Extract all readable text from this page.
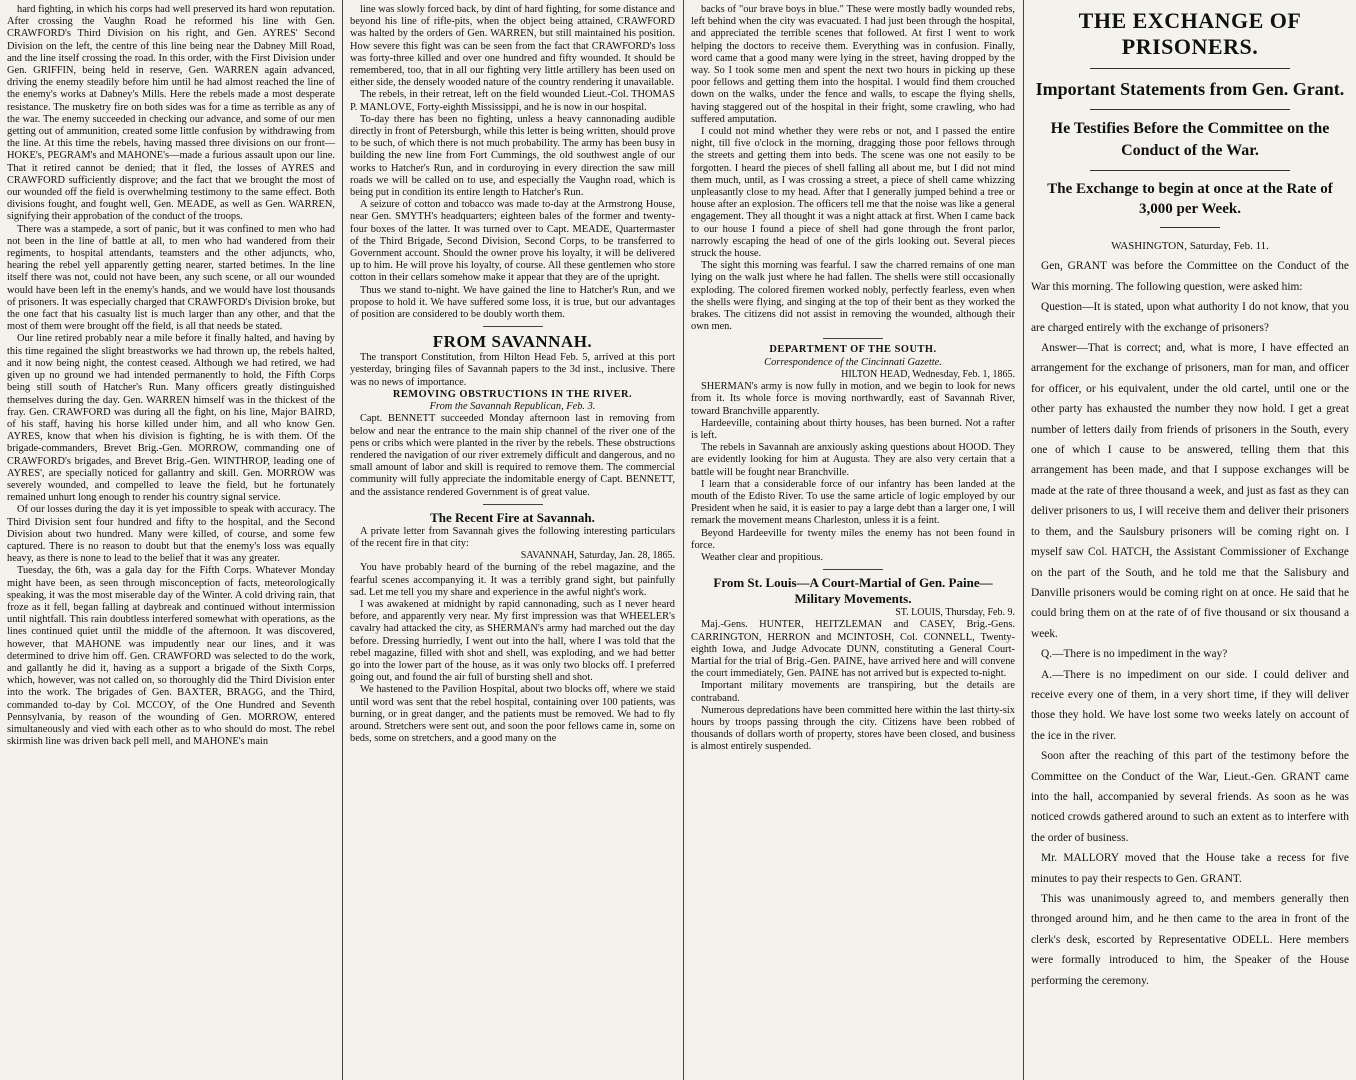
hard fighting, in which his corps had well preserved its hard won reputation. After crossing the Vaughn Road he reformed his line with Gen. CRAWFORD's Third Division on his right, and Gen. AYRES' Second Division on the left, the centre of this line being near the Dabney Mill Road, and the line itself crossing the road. In this order, with the First Division under Gen. GRIFFIN, being held in reserve, Gen. WARREN again advanced, driving the enemy steadily before him until he had almost reached the line of the enemy's works at Dabney's Mills. Here the rebels made a most desperate resistance. The musketry fire on both sides was for a time as terrible as any of the war. The enemy succeeded in checking our advance, and some of our men getting out of ammunition, created some little confusion by withdrawing from the line. At this time the rebels, having massed three divisions on our front—HOKE's, PEGRAM's and MAHONE's—made a furious assault upon our line. That it retired cannot be denied; that it fled, the losses of AYRES and CRAWFORD sufficiently disprove; and the fact that we brought the most of our wounded off the field is overwhelming testimony to the same effect. Both divisions fought, and fought well, Gen. MEADE, as well as Gen. WARREN, signifying their approbation of the conduct of the troops.

There was a stampede, a sort of panic, but it was confined to men who had not been in the line of battle at all, to men who had wandered from their regiments, to hospital attendants, teamsters and the other adjuncts, who, hearing the rebel yell apparently getting nearer, started betimes. In the line itself there was not, could not have been, any such scene, or all our wounded would have been left in the enemy's hands, and we would have lost thousands of prisoners. It was especially charged that CRAWFORD's Division broke, but the one fact that his casualty list is much larger than any other, and that the most of them were brought off the field, is all that needs be stated.

Our line retired probably near a mile before it finally halted, and having by this time regained the slight breastworks we had thrown up, the rebels halted, and it now being night, the contest ceased. Although we had retired, we had given up no ground we had intended permanently to hold, the Fifth Corps being still south of Hatcher's Run. Many officers greatly distinguished themselves during the day. Gen. WARREN himself was in the thickest of the fray. Gen. CRAWFORD was during all the fight, on his line, Major BAIRD, of his staff, having his horse killed under him, and all who know Gen. AYRES, know that when his division is fighting, he is with them. Of the brigade-commanders, Brevet Brig.-Gen. MORROW, commanding one of CRAWFORD's brigades, and Brevet Brig.-Gen. WINTHROP, leading one of AYRES', are specially noticed for gallantry and skill. Gen. MORROW was severely wounded, and compelled to leave the field, but he fortunately remained unhurt long enough to render his country signal service.

Of our losses during the day it is yet impossible to speak with accuracy. The Third Division sent four hundred and fifty to the hospital, and the Second Division about two hundred. Many were killed, of course, and some few captured. There is no reason to doubt but that the enemy's loss was equally heavy, as there is none to lead to the belief that it was any greater.

Tuesday, the 6th, was a gala day for the Fifth Corps. Whatever Monday might have been, as seen through misconception of facts, meteorologically speaking, it was the most miserable day of the Winter. A cold driving rain, that froze as it fell, began falling at daybreak and continued without intermission until nightfall. This rain doubtless interfered somewhat with operations, as the lines continued quiet until the middle of the afternoon. It was discovered, however, that MAHONE was impudently near our lines, and it was determined to drive him off. Gen. CRAWFORD was selected to do the work, and gallantly he did it, having as a support a brigade of the Sixth Corps, which, however, was not called on, so thoroughly did the Third Division enter into the work. The brigades of Gen. BAXTER, BRAGG, and the Third, commanded to-day by Col. MCCOY, of the One Hundred and Seventh Pennsylvania, by reason of the wounding of Gen. MORROW, entered simultaneously and vied with each other as to who should do most. The rebel skirmish line was driven back pell mell, and MAHONE's main

line was slowly forced back, by dint of hard fighting, for some distance and beyond his line of rifle-pits, when the object being attained, CRAWFORD was halted by the orders of Gen. WARREN, but still maintained his position. How severe this fight was can be seen from the fact that CRAWFORD's loss was forty-three killed and over one hundred and fifty wounded. It should be remembered, too, that in all our fighting very little artillery has been used on either side, the densely wooded nature of the country rendering it unavailable.

The rebels, in their retreat, left on the field wounded Lieut.-Col. THOMAS P. MANLOVE, Forty-eighth Mississippi, and he is now in our hospital.

To-day there has been no fighting, unless a heavy cannonading audible directly in front of Petersburgh, while this letter is being written, should prove to be such, of which there is not much probability. The army has been busy in building the new line from Fort Cummings, the old southwest angle of our works to Hatcher's Run, and in corduroying in every direction the saw mill roads we will be called on to use, and especially the Vaughn road, which is being put in condition its entire length to Hatcher's Run.

A seizure of cotton and tobacco was made to-day at the Armstrong House, near Gen. SMYTH's headquarters; eighteen bales of the former and twenty-four boxes of the latter. It was turned over to Capt. MEADE, Quartermaster of the Third Brigade, Second Division, Second Corps, to be transferred to Government account. Should the owner prove his loyalty, it will be delivered up to him. He will prove his loyalty, of course. All these gentlemen who store cotton in their cellars somehow make it appear that they are of the upright.

Thus we stand to-night. We have gained the line to Hatcher's Run, and we propose to hold it. We have suffered some loss, it is true, but our advantages of position are considered to be doubly worth them.

FROM SAVANNAH.

The transport Constitution, from Hilton Head Feb. 5, arrived at this port yesterday, bringing files of Savannah papers to the 3d inst., inclusive. There was no news of importance.

REMOVING OBSTRUCTIONS IN THE RIVER.

From the Savannah Republican, Feb. 3.

Capt. BENNETT succeeded Monday afternoon last in removing from below and near the entrance to the main ship channel of the river one of the pens or cribs which were planted in the river by the rebels. These obstructions rendered the navigation of our river extremely difficult and dangerous, and no small amount of labor and skill is required to remove them. The commercial community will fully appreciate the indomitable energy of Capt. BENNETT, and the assistance rendered Government is of great value.

The Recent Fire at Savannah.

A private letter from Savannah gives the following interesting particulars of the recent fire in that city:

SAVANNAH, Saturday, Jan. 28, 1865.

You have probably heard of the burning of the rebel magazine, and the fearful scenes accompanying it. It was a terribly grand sight, but painfully sad. Let me tell you my share and experience in the awful night's work.

I was awakened at midnight by rapid cannonading, such as I never heard before, and apparently very near. My first impression was that WHEELER's cavalry had attacked the city, as SHERMAN's army had marched out the day before. Dressing hurriedly, I went out into the hall, where I was told that the rebel magazine, filled with shot and shell, was exploding, and we had better go into the lower part of the house, as it was only two blocks off. I preferred going out, and found the air full of bursting shell and shot.

We hastened to the Pavilion Hospital, about two blocks off, where we staid until word was sent that the rebel hospital, containing over 100 patients, was burning, or in great danger, and the patients must be removed. We had to fly around. Stretchers were sent out, and soon the poor fellows came in, some on beds, some on stretchers, and a good many on the

backs of "our brave boys in blue." These were mostly badly wounded rebs, left behind when the city was evacuated. I had just been through the hospital, and appreciated the terrible scenes that followed. At first I went to work helping the doctors to receive them. Everything was in confusion. Finally, word came that a good many were lying in the street, having dropped by the way. So I took some men and spent the next two hours in picking up these poor fellows and getting them into the hospital. I would find them crouched down on the walks, under the fence and walls, to escape the flying shells, having staggered out of the hospital in their fright, some crawling, who had suffered amputation.

I could not mind whether they were rebs or not, and I passed the entire night, till five o'clock in the morning, dragging those poor fellows through the streets and getting them into beds. The scene was one not easily to be forgotten. I heard the pieces of shell falling all about me, but I did not mind them much, until, as I was crossing a street, a piece of shell came whizzing unpleasantly close to my head. After that I generally jumped behind a tree or house after an explosion. The officers tell me that the noise was like a general engagement. They all thought it was a night attack at first. When I came back to our house I found a piece of shell had gone through the front parlor, narrowly escaping the head of one of the girls looking out. Several pieces struck the house.

The sight this morning was fearful. I saw the charred remains of one man lying on the walk just where he had fallen. The shells were still occasionally exploding. The colored firemen worked nobly, perfectly fearless, even when the shells were flying, and singing at the top of their bent as they worked the brakes. The citizens did not assist in removing the wounded, although their own men.

DEPARTMENT OF THE SOUTH.

Correspondence of the Cincinnati Gazette.

HILTON HEAD, Wednesday, Feb. 1, 1865.

SHERMAN's army is now fully in motion, and we begin to look for news from it. Its whole force is moving northwardly, east of Savannah River, toward Branchville apparently.

Hardeeville, containing about thirty houses, has been burned. Not a rafter is left.

The rebels in Savannah are anxiously asking questions about HOOD. They are evidently looking for him at Augusta. They are also very certain that a battle will be fought near Branchville.

I learn that a considerable force of our infantry has been landed at the mouth of the Edisto River. To use the same article of logic employed by our President when he said, it is easier to pay a large debt than a larger one, I will remark the movement means Charleston, unless it is a feint.

Beyond Hardeeville for twenty miles the enemy has not been found in force.

Weather clear and propitious.

From St. Louis—A Court-Martial of Gen. Paine—Military Movements.

ST. LOUIS, Thursday, Feb. 9.

Maj.-Gens. HUNTER, HEITZLEMAN and CASEY, Brig.-Gens. CARRINGTON, HERRON and MCINTOSH, Col. CONNELL, Twenty-eighth Iowa, and Judge Advocate DUNN, constituting a General Court-Martial for the trial of Brig.-Gen. PAINE, have arrived here and will convene the court immediately, Gen. PAINE has not arrived but is expected to-night.

Important military movements are transpiring, but the details are contraband.

Numerous depredations have been committed here within the last thirty-six hours by troops passing through the city. Citizens have been robbed of thousands of dollars worth of property, stores have been closed, and business is almost entirely suspended.

THE EXCHANGE OF PRISONERS.
Important Statements from Gen. Grant.
He Testifies Before the Committee on the Conduct of the War.
The Exchange to begin at once at the Rate of 3,000 per Week.

WASHINGTON, Saturday, Feb. 11.

Gen, GRANT was before the Committee on the Conduct of the War this morning. The following question, were asked him:

Question—It is stated, upon what authority I do not know, that you are charged entirely with the exchange of prisoners?

Answer—That is correct; and, what is more, I have effected an arrangement for the exchange of prisoners, man for man, and officer for officer, or his equivalent, under the old cartel, until one or the other party has exhausted the number they now hold. I get a great number of letters daily from friends of prisoners in the South, every one of which I cause to be answered, telling them that this arrangement has been made, and that I suppose exchanges will be made at the rate of three thousand a week, and just as fast as they can deliver prisoners to us, I will receive them and deliver their prisoners to them, and the Saulsbury prisoners will be coming right on. I myself saw Col. HATCH, the Assistant Commissioner of Exchange on the part of the South, and he told me that the Salisbury and Danville prisoners would be coming right on at once. He said that he could bring them on at the rate of of five thousand or six thousand a week.

Q.—There is no impediment in the way?

A.—There is no impediment on our side. I could deliver and receive every one of them, in a very short time, if they will deliver those they hold. We have lost some two weeks lately on account of the ice in the river.

Soon after the reaching of this part of the testimony before the Committee on the Conduct of the War, Lieut.-Gen. GRANT came into the hall, accompanied by several friends. As soon as he was noticed crowds gathered around to such an extent as to interfere with the order of business.

Mr. MALLORY moved that the House take a recess for five minutes to pay their respects to Gen. GRANT.

This was unanimously agreed to, and members generally then thronged around him, and he then came to the area in front of the clerk's desk, escorted by Representative ODELL. Here members were formally introduced to him, the Speaker of the House performing the ceremony.
